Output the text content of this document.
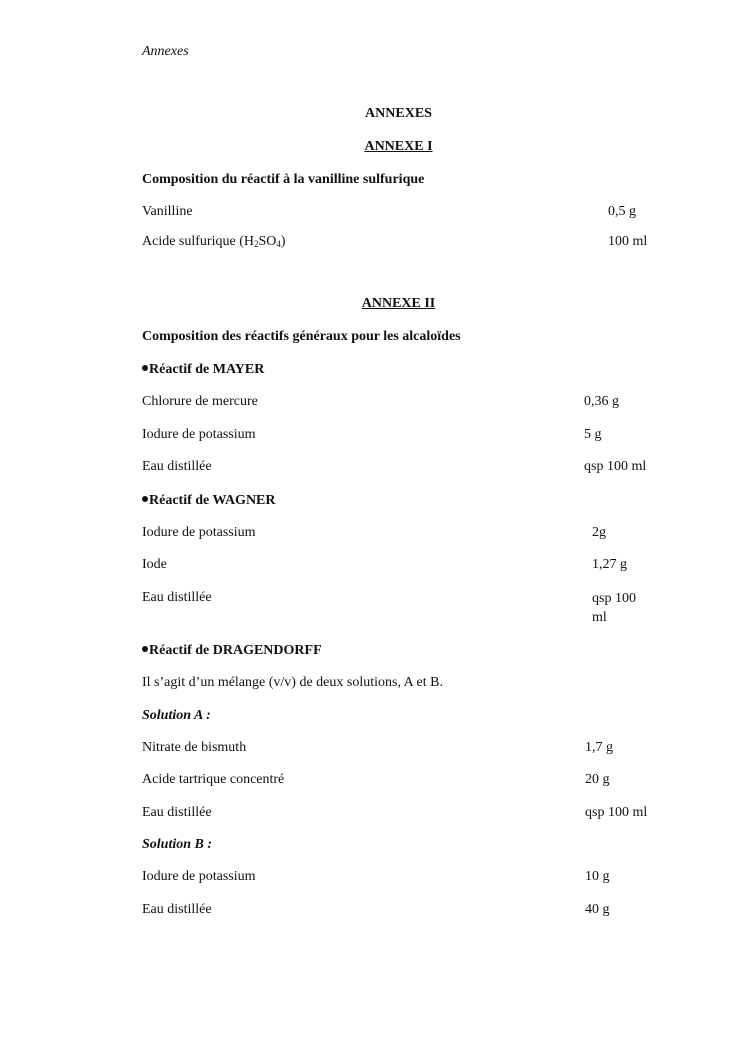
Annexes
ANNEXES
ANNEXE I
Composition du réactif à la vanilline sulfurique
Vanilline	0,5 g
Acide sulfurique $(H_2SO_4)$	100 ml
ANNEXE II
Composition des réactifs généraux pour les alcaloïdes
Réactif de MAYER
Chlorure de mercure	0,36 g
Iodure de potassium	5 g
Eau distillée	qsp 100 ml
Réactif de WAGNER
Iodure de potassium	2g
Iode	1,27 g
Eau distillée	qsp 100 ml
Réactif de DRAGENDORFF
Il s’agit d’un mélange (v/v) de deux solutions, A et B.
Solution A :
Nitrate de bismuth	1,7 g
Acide tartrique concentré	20 g
Eau distillée	qsp 100 ml
Solution B :
Iodure de potassium	10 g
Eau distillée	40 g
